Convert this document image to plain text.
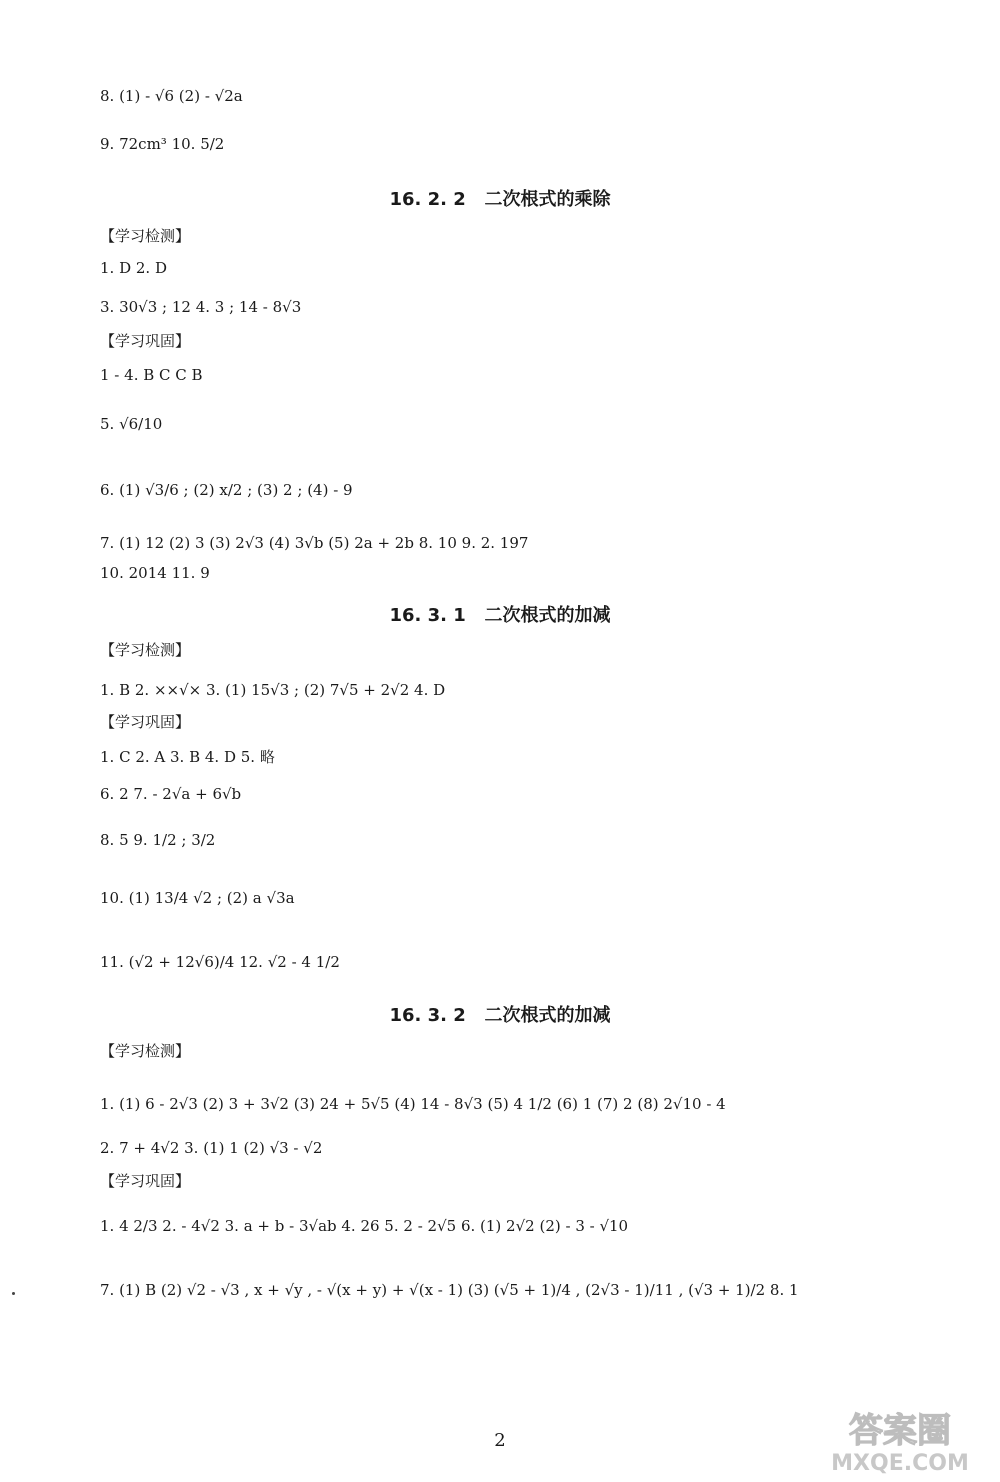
8. (1) - √6 (2) - √2a
9. 72cm³ 10. 5/2
16. 2. 2   二次根式的乘除
【学习检测】
1. D 2. D
3. 30√3 ; 12 4. 3 ; 14 - 8√3
【学习巩固】
1 - 4. B C C B
5. √6/10
6. (1) √3/6 ; (2) x/2 ; (3) 2 ; (4) - 9
7. (1) 12 (2) 3 (3) 2√3 (4) 3√b (5) 2a + 2b 8. 10 9. 2. 197
10. 2014 11. 9
16. 3. 1   二次根式的加减
【学习检测】
1. B 2. ××√× 3. (1) 15√3 ; (2) 7√5 + 2√2 4. D
【学习巩固】
1. C 2. A 3. B 4. D 5. 略
6. 2 7. - 2√a + 6√b
8. 5 9. 1/2 ; 3/2
10. (1) 13/4 √2 ; (2) a √3a
11. (√2 + 12√6)/4 12. √2 - 4 1/2
16. 3. 2   二次根式的加减
【学习检测】
1. (1) 6 - 2√3 (2) 3 + 3√2 (3) 24 + 5√5 (4) 14 - 8√3 (5) 4 1/2 (6) 1 (7) 2 (8) 2√10 - 4
2. 7 + 4√2 3. (1) 1 (2) √3 - √2
【学习巩固】
1. 4 2/3 2. - 4√2 3. a + b - 3√ab 4. 26 5. 2 - 2√5 6. (1) 2√2 (2) - 3 - √10
7. (1) B (2) √2 - √3 , x + √y , - √(x + y) + √(x - 1) (3) (√5 + 1)/4 , (2√3 - 1)/11 , (√3 + 1)/2 8. 1
2	答案圈
MXQE.COM
